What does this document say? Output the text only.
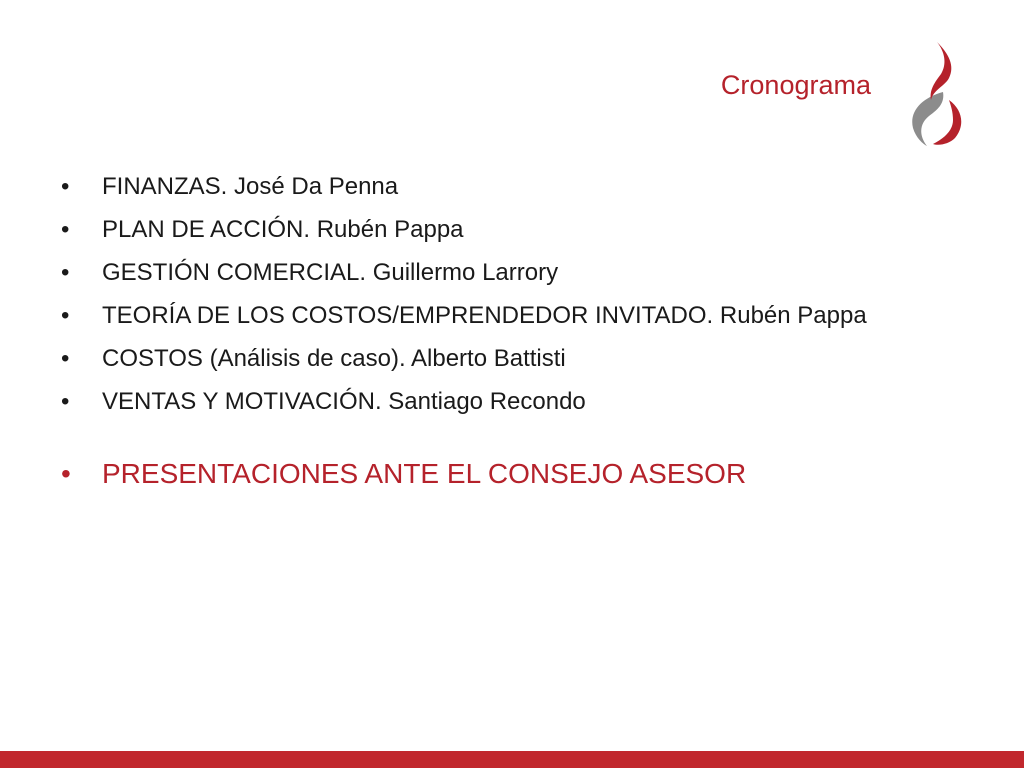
Cronograma
• FINANZAS. José Da Penna
• PLAN DE ACCIÓN. Rubén Pappa
• GESTIÓN COMERCIAL. Guillermo Larrory
• TEORÍA DE LOS COSTOS/EMPRENDEDOR INVITADO. Rubén Pappa
• COSTOS (Análisis de caso). Alberto Battisti
• VENTAS Y MOTIVACIÓN. Santiago Recondo
• PRESENTACIONES ANTE EL CONSEJO ASESOR
